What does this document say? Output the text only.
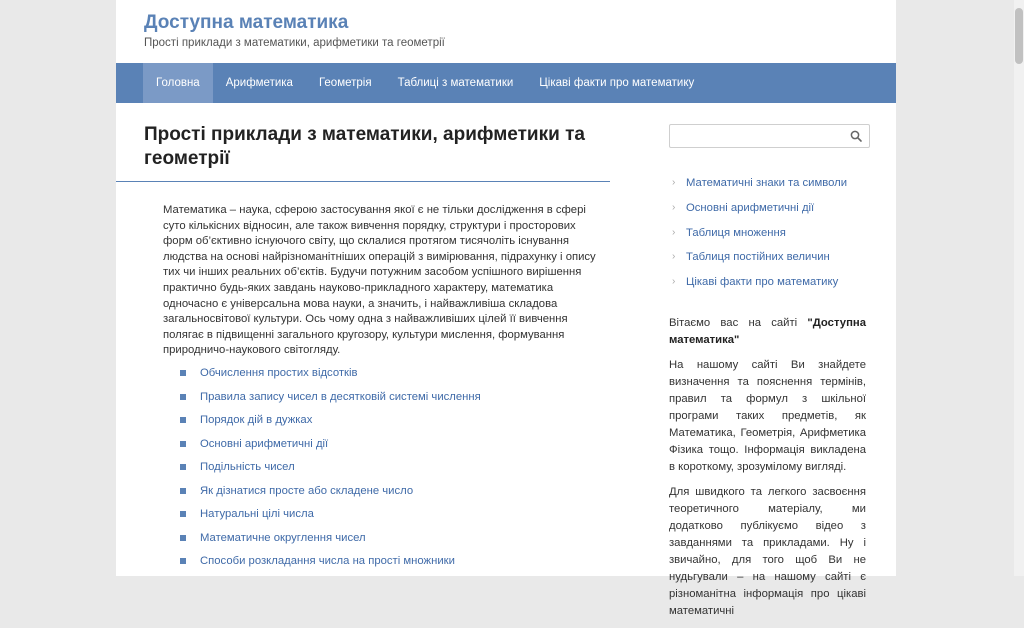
Доступна математика
Прості приклади з математики, арифметики та геометрії
Головна	Арифметика	Геометрія	Таблиці з математики	Цікаві факти про математику
Прості приклади з математики, арифметики та геометрії

Математика – наука, сферою застосування якої є не тільки дослідження в сфері суто кількісних відносин, але також вивчення порядку, структури і просторових форм об’єктивно існуючого світу, що склалися протягом тисячоліть існування людства на основі найрізноманітніших операцій з вимірювання, підрахунку і опису тих чи інших реальних об’єктів. Будучи потужним засобом успішного вирішення практично будь-яких завдань науково-прикладного характеру, математика одночасно є універсальна мова науки, а значить, і найважливіша складова загальносвітової культури. Ось чому одна з найважливіших цілей її вивчення полягає в підвищенні загального кругозору, культури мислення, формування природничо-наукового світогляду.

Обчислення простих відсотків
Правила запису чисел в десятковій системі числення
Порядок дій в дужках
Основні арифметичні дії
Подільність чисел
Як дізнатися просте або складене число
Натуральні цілі числа
Математичне округлення чисел
Способи розкладання числа на прості множники
› Математичні знаки та символи
› Основні арифметичні дії
› Таблиця множення
› Таблиця постійних величин
› Цікаві факти про математику

Вітаємо вас на сайті "Доступна математика"

На нашому сайті Ви знайдете визначення та пояснення термінів, правил та формул з шкільної програми таких предметів, як Математика, Геометрія, Арифметика Фізика тощо. Інформація викладена в короткому, зрозумілому вигляді.

Для швидкого та легкого засвоєння теоретичного матеріалу, ми додатково публікуємо відео з завданнями та прикладами. Ну і звичайно, для того щоб Ви не нудьгували – на нашому сайті є різноманітна інформація про цікаві математичні
